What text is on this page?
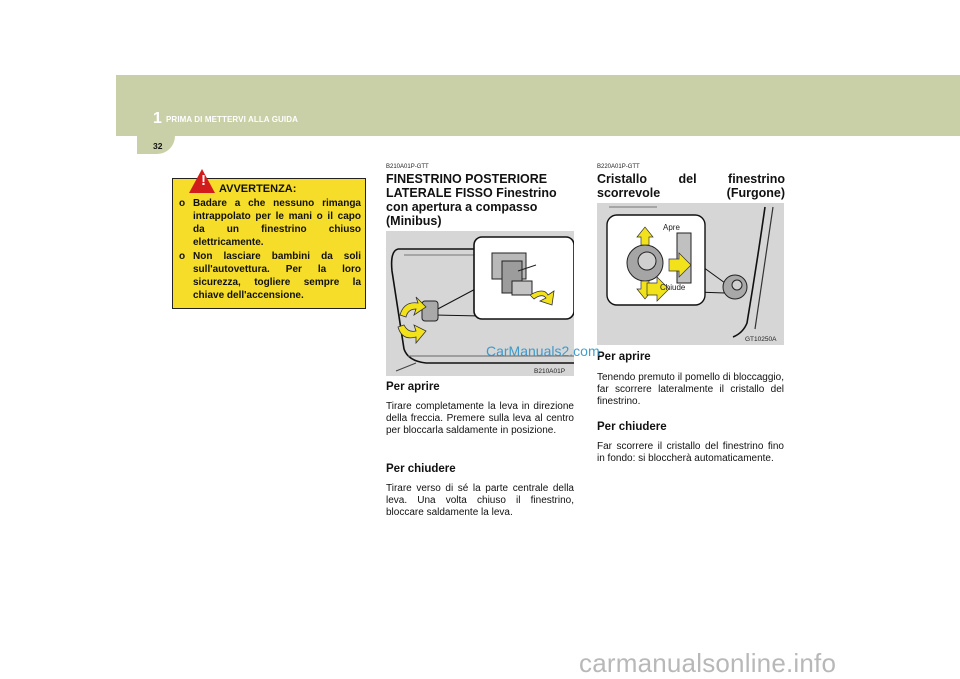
1 PRIMA DI METTERVI ALLA GUIDA
32
! AVVERTENZA:
o Badare a che nessuno rimanga intrappolato per le mani o il capo da un finestrino chiuso elettricamente.
o Non lasciare bambini da soli sull'autovettura. Per la loro sicurezza, togliere sempre la chiave dell'accensione.
B210A01P-GTT
FINESTRINO POSTERIORE LATERALE FISSO Finestrino con apertura a compasso (Minibus)
B210A01P
Per aprire
Tirare completamente la leva in direzione della freccia. Premere sulla leva al centro per bloccarla saldamente in posizione.
Per chiudere
Tirare verso di sé la parte centrale della leva. Una volta chiuso il finestrino, bloccare saldamente la leva.
B220A01P-GTT
Cristallo del finestrino scorrevole (Furgone)
Apre
Chiude
GT10250A
Per aprire
Tenendo premuto il pomello di bloccaggio, far scorrere lateralmente il cristallo del finestrino.
Per chiudere
Far scorrere il cristallo del finestrino fino in fondo: si bloccherà automaticamente.
CarManuals2.com
carmanualsonline.info
